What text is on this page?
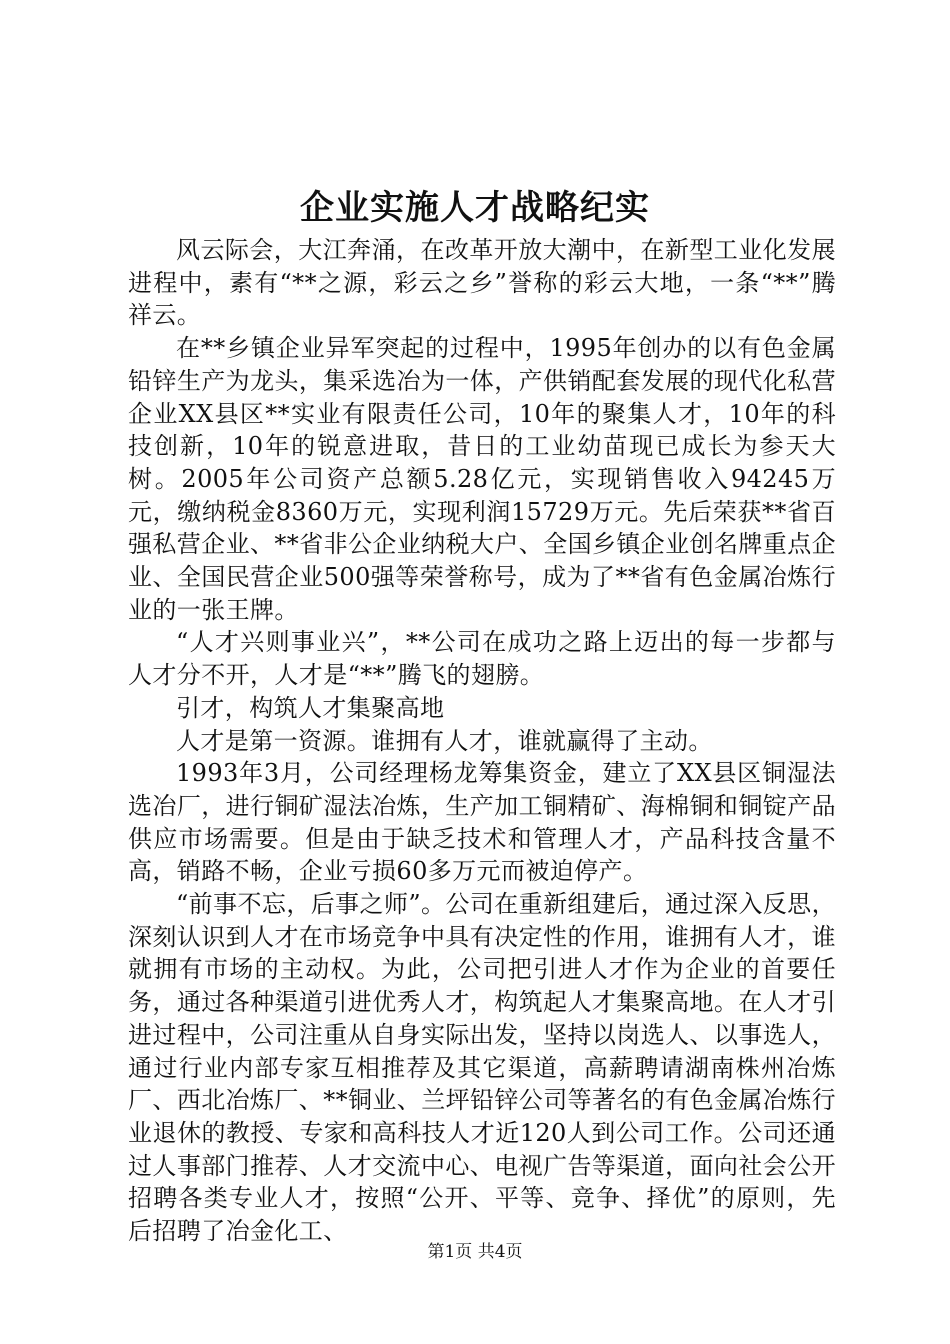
企业实施人才战略纪实

风云际会，大江奔涌，在改革开放大潮中，在新型工业化发展进程中，素有“**之源，彩云之乡”誉称的彩云大地，一条“**”腾祥云。

在**乡镇企业异军突起的过程中，1995年创办的以有色金属铅锌生产为龙头，集采选冶为一体，产供销配套发展的现代化私营企业XX县区**实业有限责任公司，10年的聚集人才，10年的科技创新，10年的锐意进取，昔日的工业幼苗现已成长为参天大树。2005年公司资产总额5.28亿元，实现销售收入94245万元，缴纳税金8360万元，实现利润15729万元。先后荣获**省百强私营企业、**省非公企业纳税大户、全国乡镇企业创名牌重点企业、全国民营企业500强等荣誉称号，成为了**省有色金属冶炼行业的一张王牌。

“人才兴则事业兴”，**公司在成功之路上迈出的每一步都与人才分不开，人才是“**”腾飞的翅膀。

引才，构筑人才集聚高地

人才是第一资源。谁拥有人才，谁就赢得了主动。

1993年3月，公司经理杨龙筹集资金，建立了XX县区铜湿法选冶厂，进行铜矿湿法冶炼，生产加工铜精矿、海棉铜和铜锭产品供应市场需要。但是由于缺乏技术和管理人才，产品科技含量不高，销路不畅，企业亏损60多万元而被迫停产。

“前事不忘，后事之师”。公司在重新组建后，通过深入反思，深刻认识到人才在市场竞争中具有决定性的作用，谁拥有人才，谁就拥有市场的主动权。为此，公司把引进人才作为企业的首要任务，通过各种渠道引进优秀人才，构筑起人才集聚高地。在人才引进过程中，公司注重从自身实际出发，坚持以岗选人、以事选人，通过行业内部专家互相推荐及其它渠道，高薪聘请湖南株州冶炼厂、西北冶炼厂、**铜业、兰坪铅锌公司等著名的有色金属冶炼行业退休的教授、专家和高科技人才近120人到公司工作。公司还通过人事部门推荐、人才交流中心、电视广告等渠道，面向社会公开招聘各类专业人才，按照“公开、平等、竞争、择优”的原则，先后招聘了冶金化工、

第1页 共4页
